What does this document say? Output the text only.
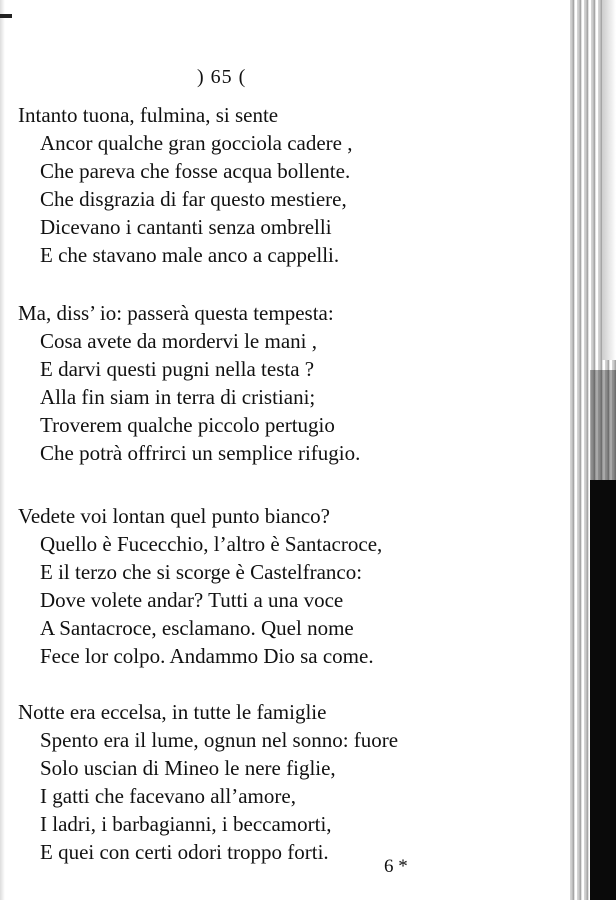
) 65 (
Intanto tuona, fulmina, si sente
Ancor qualche gran gocciola cadere ,
Che pareva che fosse acqua bollente.
Che disgrazia di far questo mestiere,
Dicevano i cantanti senza ombrelli
E che stavano male anco a cappelli.
Ma, diss’ io: passerà questa tempesta:
Cosa avete da mordervi le mani ,
E darvi questi pugni nella testa ?
Alla fin siam in terra di cristiani;
Troverem qualche piccolo pertugio
Che potrà offrirci un semplice rifugio.
Vedete voi lontan quel punto bianco?
Quello è Fucecchio, l’altro è Santacroce,
E il terzo che si scorge è Castelfranco:
Dove volete andar? Tutti a una voce
A Santacroce, esclamano. Quel nome
Fece lor colpo. Andammo Dio sa come.
Notte era eccelsa, in tutte le famiglie
Spento era il lume, ognun nel sonno: fuore
Solo uscian di Mineo le nere figlie,
I gatti che facevano all’amore,
I ladri, i barbagianni, i beccamorti,
E quei con certi odori troppo forti.
6 *
